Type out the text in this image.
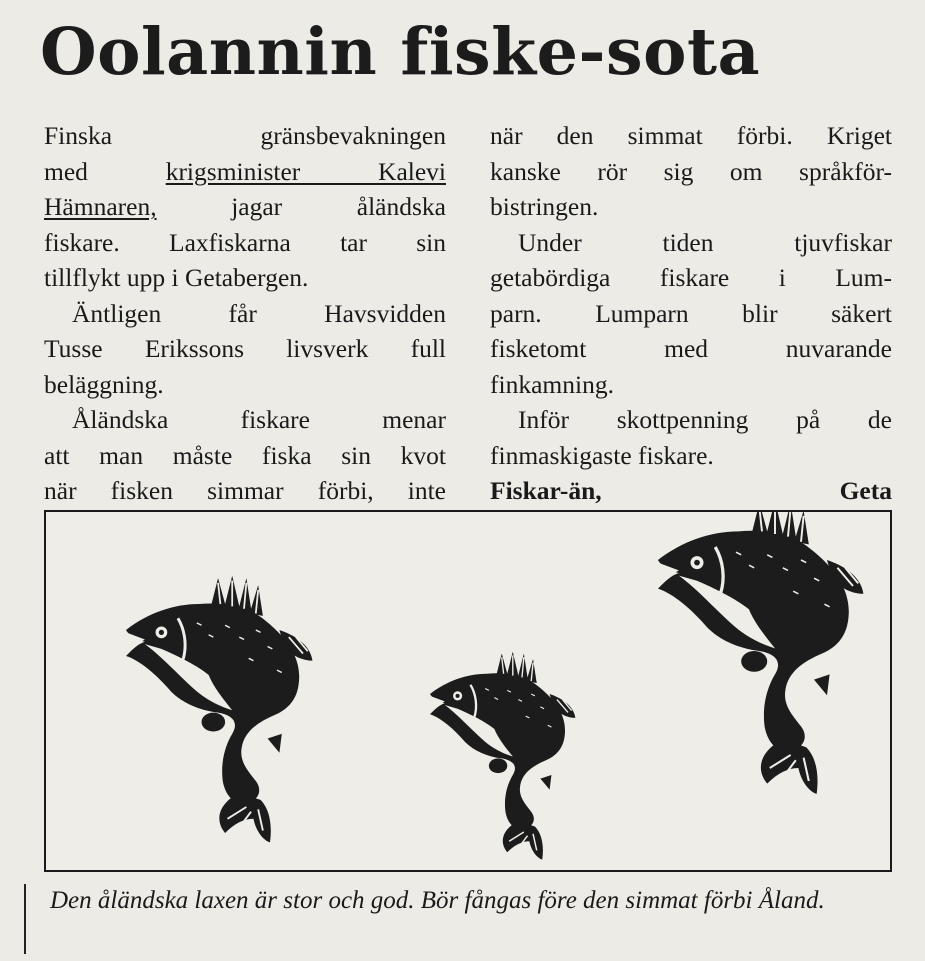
Oolannin fiske-sota

Finska gränsbevakningen
med krigsminister Kalevi
Hämnaren, jagar åländska
fiskare. Laxfiskarna tar sin

tillflykt upp i Getabergen.

Äntligen får Havsvidden
Tusse Erikssons livsverk full

beläggning.

Åländska fiskare menar
att man måste fiska sin kvot
när fisken simmar förbi, inte

när den simmat förbi. Kriget
kanske rör sig om språkför-

bistringen.

Under tiden tjuvfiskar
getabördiga fiskare i Lum-
parn. Lumparn blir säkert
fisketomt med nuvarande

finkamning.

Inför skottpenning på de

finmaskigaste fiskare.

Fiskar-än, Geta

Den åländska laxen är stor och god. Bör fångas före den simmat förbi Åland.
